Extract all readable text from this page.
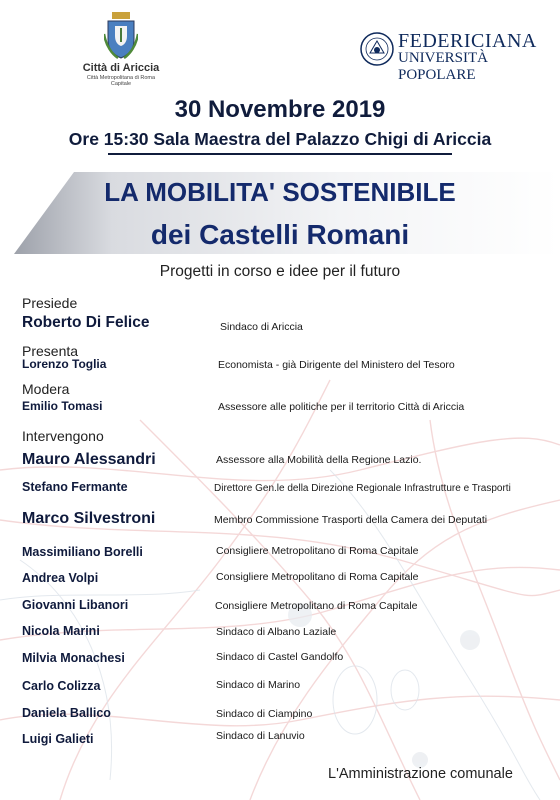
Città di Ariccia
Città Metropolitana di Roma Capitale
FEDERICIANA
UNIVERSITÀ POPOLARE
30 Novembre 2019
Ore 15:30 Sala Maestra del Palazzo Chigi di Ariccia
LA MOBILITA' SOSTENIBILE
dei Castelli Romani
Progetti in corso e idee per il futuro
Presiede
Presenta
Modera
Intervengono
Roberto Di Felice	Sindaco di Ariccia
Lorenzo Toglia	Economista - già Dirigente del Ministero del Tesoro
Emilio Tomasi	Assessore alle politiche per il territorio Città di Ariccia
Mauro Alessandri	Assessore alla Mobilità della Regione Lazio.
Stefano Fermante	Direttore Gen.le della Direzione Regionale Infrastrutture e Trasporti
Marco Silvestroni	Membro Commissione Trasporti della Camera dei Deputati
Massimiliano Borelli	Consigliere Metropolitano di Roma Capitale
Andrea Volpi	Consigliere Metropolitano di Roma Capitale
Giovanni Libanori	Consigliere Metropolitano di Roma Capitale
Nicola Marini	Sindaco di Albano Laziale
Milvia Monachesi	Sindaco di Castel Gandolfo
Carlo Colizza	Sindaco di Marino
Daniela Ballico	Sindaco di Ciampino
Luigi Galieti	Sindaco di Lanuvio
L'Amministrazione comunale
